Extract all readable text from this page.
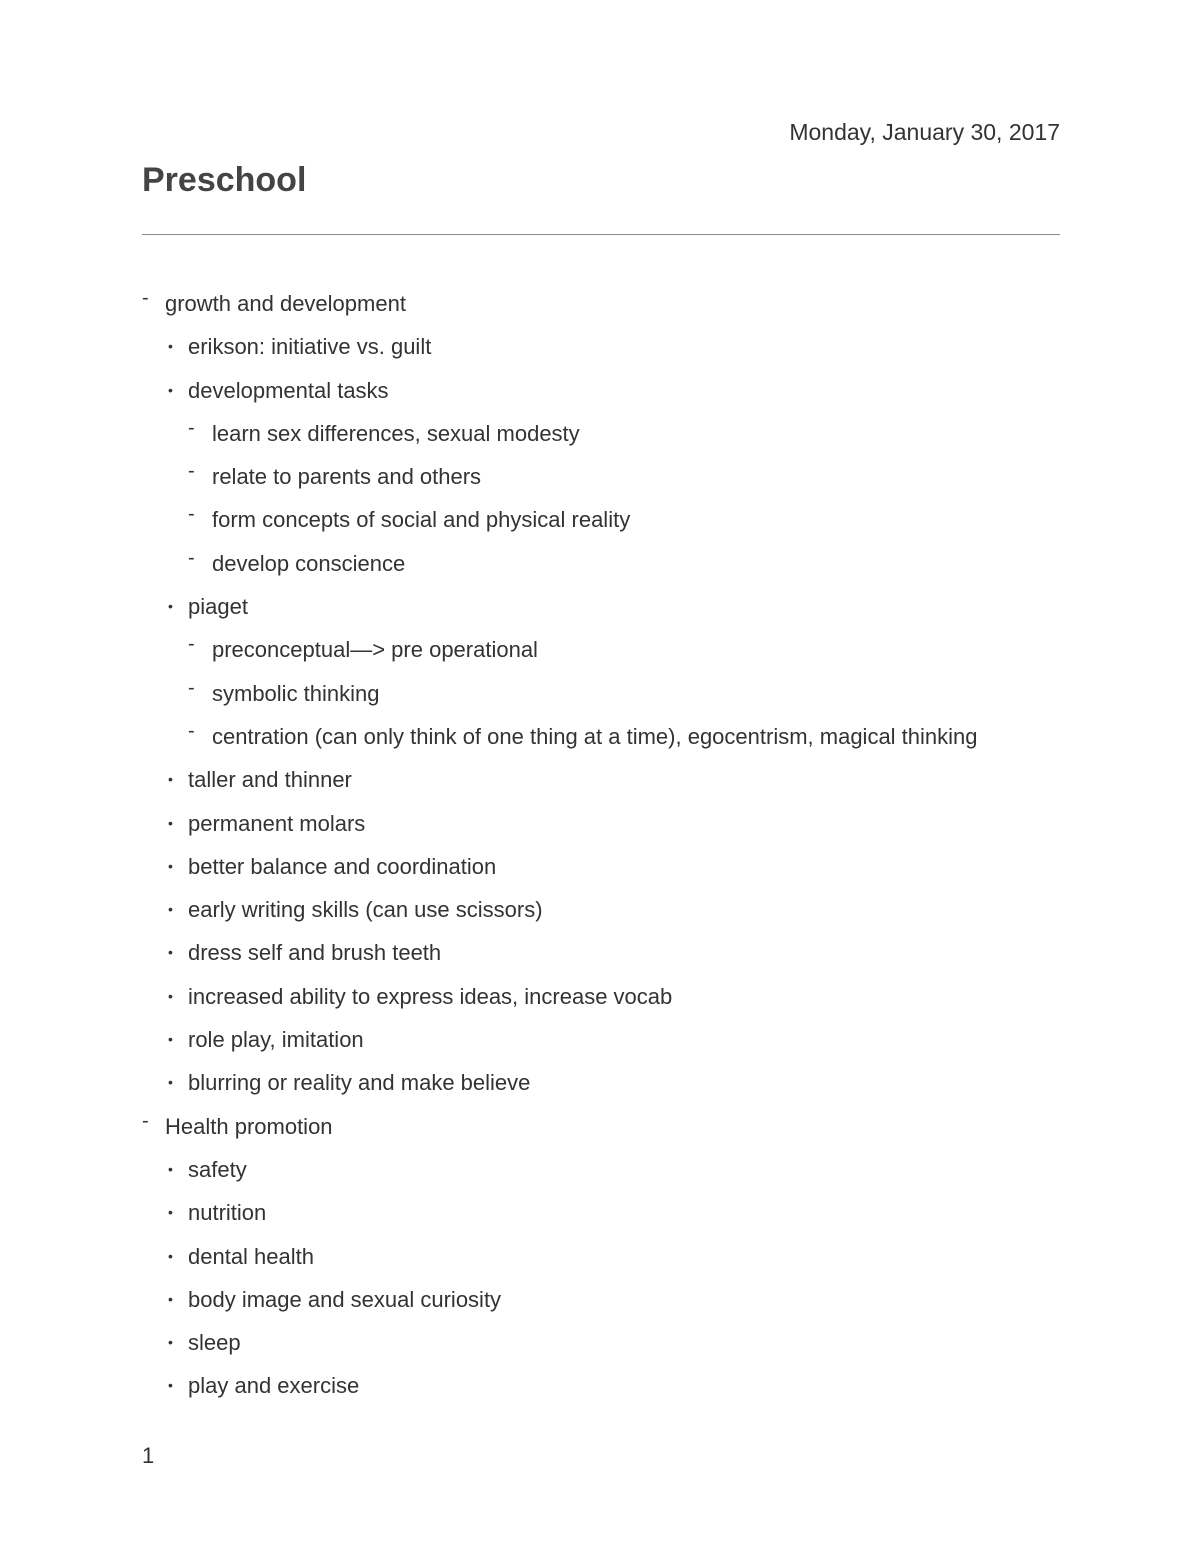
Monday, January 30, 2017
Preschool
- growth and development
• erikson: initiative vs. guilt
• developmental tasks
- learn sex differences, sexual modesty
- relate to parents and others
- form concepts of social and physical reality
- develop conscience
• piaget
- preconceptual—> pre operational
- symbolic thinking
- centration (can only think of one thing at a time), egocentrism, magical thinking
• taller and thinner
• permanent molars
• better balance and coordination
• early writing skills (can use scissors)
• dress self and brush teeth
• increased ability to express ideas, increase vocab
• role play, imitation
• blurring or reality and make believe
- Health promotion
• safety
• nutrition
• dental health
• body image and sexual curiosity
• sleep
• play and exercise
1
